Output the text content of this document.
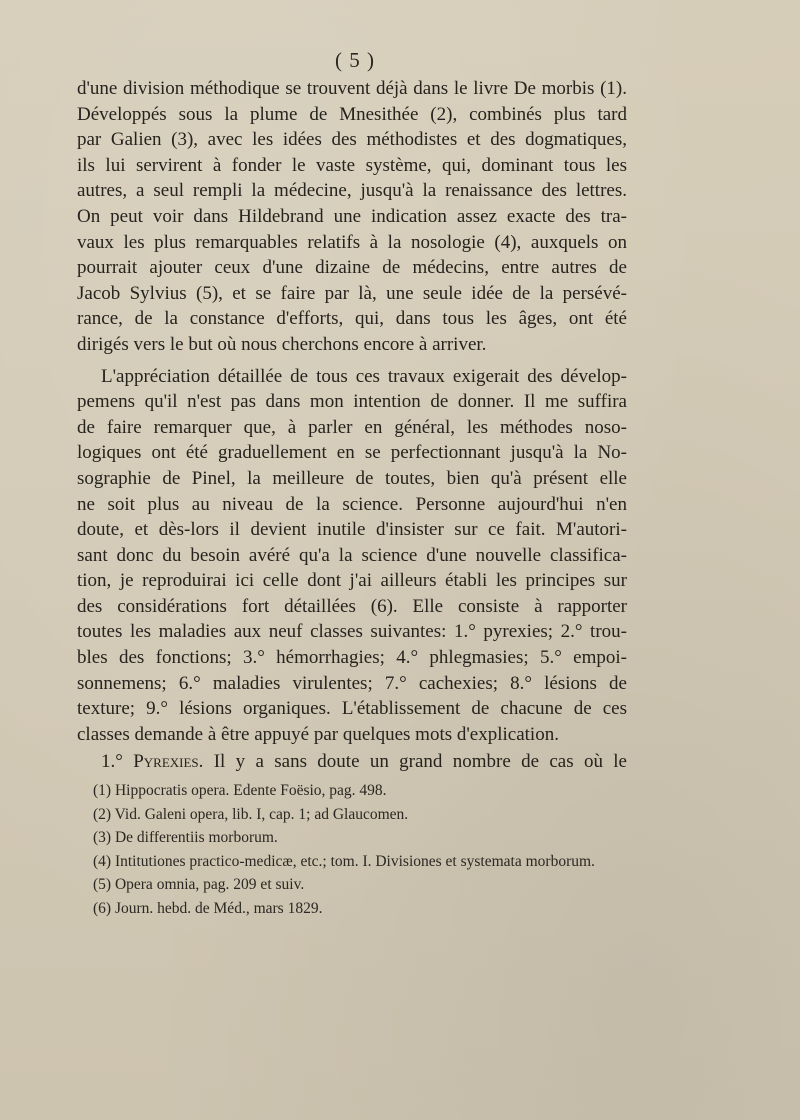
( 5 )
d'une division méthodique se trouvent déjà dans le livre De morbis (1).
Développés sous la plume de Mnesithée (2), combinés plus tard
par Galien (3), avec les idées des méthodistes et des dogmatiques,
ils lui servirent à fonder le vaste système, qui, dominant tous les
autres, a seul rempli la médecine, jusqu'à la renaissance des lettres.
On peut voir dans Hildebrand une indication assez exacte des tra-
vaux les plus remarquables relatifs à la nosologie (4), auxquels on
pourrait ajouter ceux d'une dizaine de médecins, entre autres de
Jacob Sylvius (5), et se faire par là, une seule idée de la persévé-
rance, de la constance d'efforts, qui, dans tous les âges, ont été
dirigés vers le but où nous cherchons encore à arriver.
L'appréciation détaillée de tous ces travaux exigerait des dévelop-
pemens qu'il n'est pas dans mon intention de donner. Il me suffira
de faire remarquer que, à parler en général, les méthodes noso-
logiques ont été graduellement en se perfectionnant jusqu'à la No-
sographie de Pinel, la meilleure de toutes, bien qu'à présent elle
ne soit plus au niveau de la science. Personne aujourd'hui n'en
doute, et dès-lors il devient inutile d'insister sur ce fait. M'autori-
sant donc du besoin avéré qu'a la science d'une nouvelle classifica-
tion, je reproduirai ici celle dont j'ai ailleurs établi les principes sur
des considérations fort détaillées (6). Elle consiste à rapporter
toutes les maladies aux neuf classes suivantes: 1.° pyrexies; 2.° trou-
bles des fonctions; 3.° hémorrhagies; 4.° phlegmasies; 5.° empoi-
sonnemens; 6.° maladies virulentes; 7.° cachexies; 8.° lésions de
texture; 9.° lésions organiques. L'établissement de chacune de ces
classes demande à être appuyé par quelques mots d'explication.
1.° Pyrexies. Il y a sans doute un grand nombre de cas où le
(1) Hippocratis opera. Edente Foësio, pag. 498.
(2) Vid. Galeni opera, lib. I, cap. 1; ad Glaucomen.
(3) De differentiis morborum.
(4) Intitutiones practico-medicæ, etc.; tom. I. Divisiones et systemata morborum.
(5) Opera omnia, pag. 209 et suiv.
(6) Journ. hebd. de Méd., mars 1829.
